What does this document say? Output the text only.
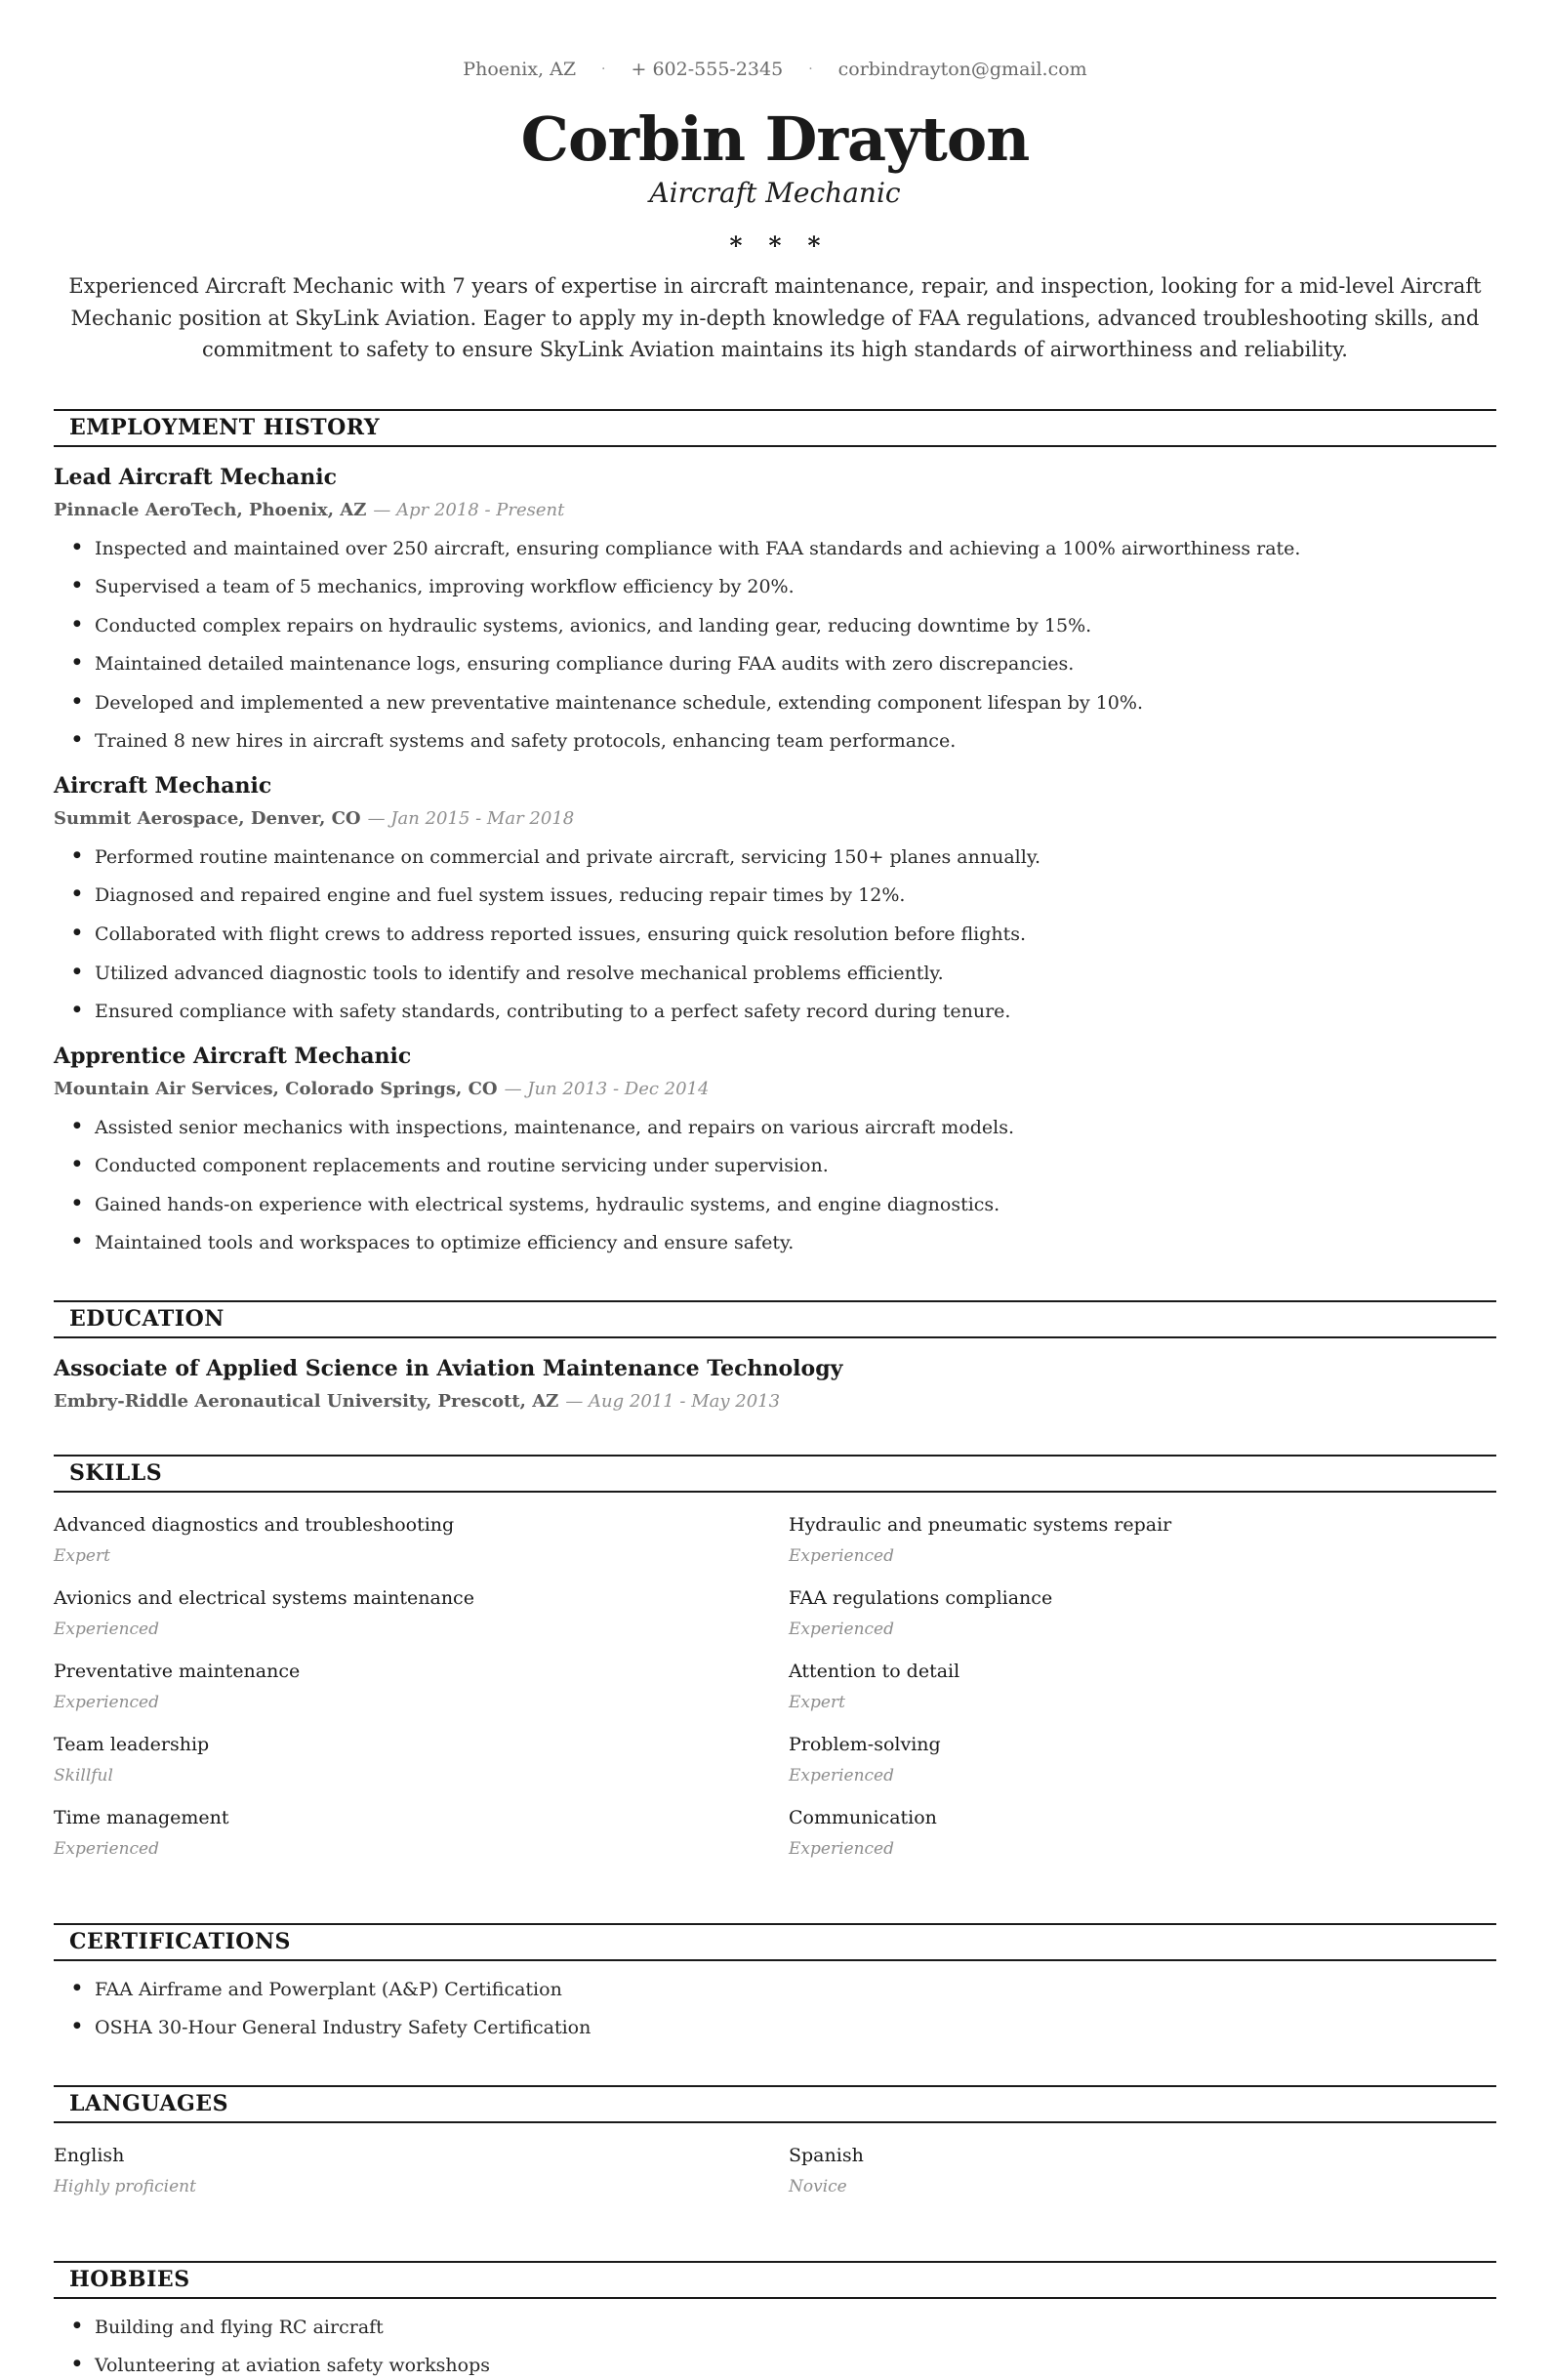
Phoenix, AZ · + 602-555-2345 · corbindrayton@gmail.com
Corbin Drayton
Aircraft Mechanic
∗ ∗ ∗

Experienced Aircraft Mechanic with 7 years of expertise in aircraft maintenance, repair, and inspection, looking for a mid-level Aircraft Mechanic position at SkyLink Aviation. Eager to apply my in-depth knowledge of FAA regulations, advanced troubleshooting skills, and commitment to safety to ensure SkyLink Aviation maintains its high standards of airworthiness and reliability.

EMPLOYMENT HISTORY
Lead Aircraft Mechanic

Pinnacle AeroTech, Phoenix, AZ — Apr 2018 - Present

● Inspected and maintained over 250 aircraft, ensuring compliance with FAA standards and achieving a 100% airworthiness rate.
● Supervised a team of 5 mechanics, improving workflow efficiency by 20%.
● Conducted complex repairs on hydraulic systems, avionics, and landing gear, reducing downtime by 15%.
● Maintained detailed maintenance logs, ensuring compliance during FAA audits with zero discrepancies.
● Developed and implemented a new preventative maintenance schedule, extending component lifespan by 10%.
● Trained 8 new hires in aircraft systems and safety protocols, enhancing team performance.
Aircraft Mechanic

Summit Aerospace, Denver, CO — Jan 2015 - Mar 2018

● Performed routine maintenance on commercial and private aircraft, servicing 150+ planes annually.
● Diagnosed and repaired engine and fuel system issues, reducing repair times by 12%.
● Collaborated with flight crews to address reported issues, ensuring quick resolution before flights.
● Utilized advanced diagnostic tools to identify and resolve mechanical problems efficiently.
● Ensured compliance with safety standards, contributing to a perfect safety record during tenure.
Apprentice Aircraft Mechanic

Mountain Air Services, Colorado Springs, CO — Jun 2013 - Dec 2014

● Assisted senior mechanics with inspections, maintenance, and repairs on various aircraft models.
● Conducted component replacements and routine servicing under supervision.
● Gained hands-on experience with electrical systems, hydraulic systems, and engine diagnostics.
● Maintained tools and workspaces to optimize efficiency and ensure safety.
EDUCATION
Associate of Applied Science in Aviation Maintenance Technology

Embry-Riddle Aeronautical University, Prescott, AZ — Aug 2011 - May 2013

SKILLS
Advanced diagnostics and troubleshooting
Expert
Hydraulic and pneumatic systems repair
Experienced
Avionics and electrical systems maintenance
Experienced
FAA regulations compliance
Experienced
Preventative maintenance
Experienced
Attention to detail
Expert
Team leadership
Skillful
Problem-solving
Experienced
Time management
Experienced
Communication
Experienced
CERTIFICATIONS
● FAA Airframe and Powerplant (A&P) Certification
● OSHA 30-Hour General Industry Safety Certification
LANGUAGES
English
Highly proficient
Spanish
Novice
HOBBIES
● Building and flying RC aircraft
● Volunteering at aviation safety workshops
